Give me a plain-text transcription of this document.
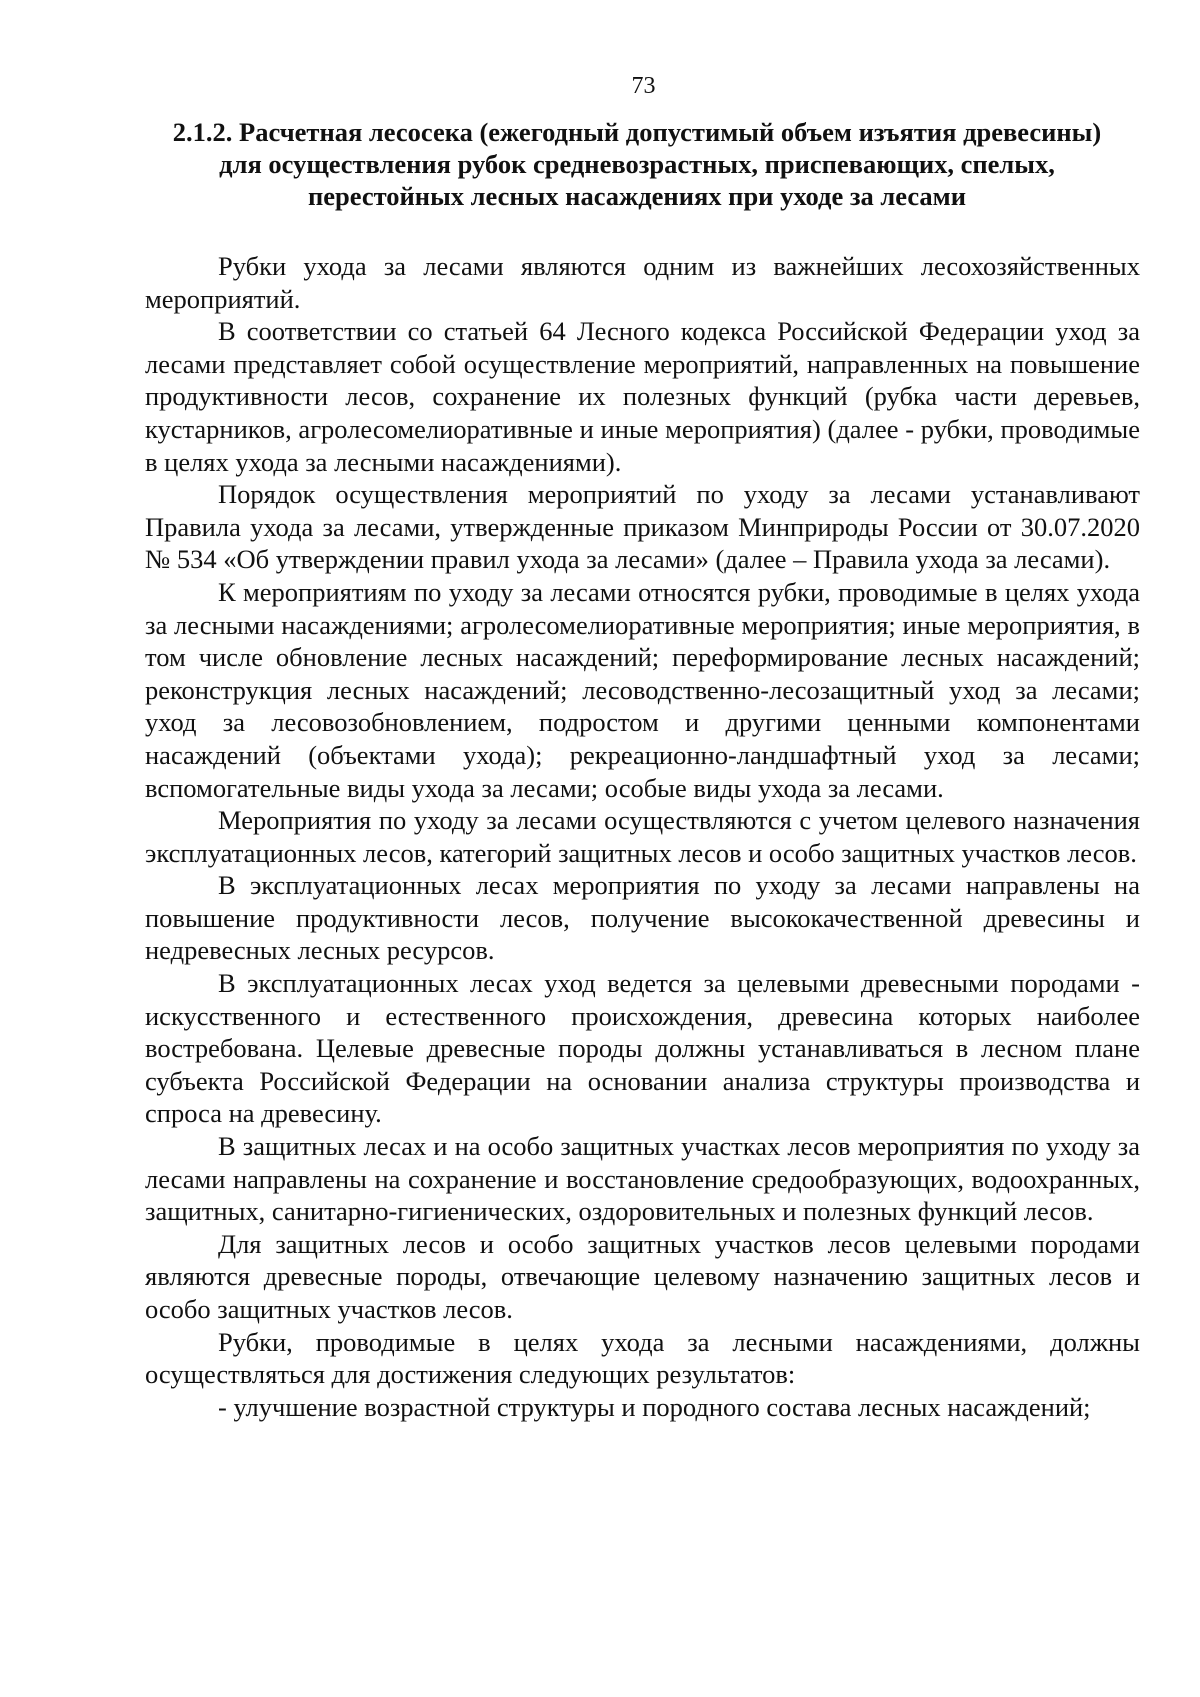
73
2.1.2. Расчетная лесосека (ежегодный допустимый объем изъятия древесины) для осуществления рубок средневозрастных, приспевающих, спелых, перестойных лесных насаждениях при уходе за лесами

Рубки ухода за лесами являются одним из важнейших лесохозяйственных мероприятий.

В соответствии со статьей 64 Лесного кодекса Российской Федерации уход за лесами представляет собой осуществление мероприятий, направленных на повышение продуктивности лесов, сохранение их полезных функций (рубка части деревьев, кустарников, агролесомелиоративные и иные мероприятия) (далее - рубки, проводимые в целях ухода за лесными насаждениями).

Порядок осуществления мероприятий по уходу за лесами устанавливают Правила ухода за лесами, утвержденные приказом Минприроды России от 30.07.2020 № 534 «Об утверждении правил ухода за лесами» (далее – Правила ухода за лесами).

К мероприятиям по уходу за лесами относятся рубки, проводимые в целях ухода за лесными насаждениями; агролесомелиоративные мероприятия; иные мероприятия, в том числе обновление лесных насаждений; переформирование лесных насаждений; реконструкция лесных насаждений; лесоводственно-лесозащитный уход за лесами; уход за лесовозобновлением, подростом и другими ценными компонентами насаждений (объектами ухода); рекреационно-ландшафтный уход за лесами; вспомогательные виды ухода за лесами; особые виды ухода за лесами.

Мероприятия по уходу за лесами осуществляются с учетом целевого назначения эксплуатационных лесов, категорий защитных лесов и особо защитных участков лесов.

В эксплуатационных лесах мероприятия по уходу за лесами направлены на повышение продуктивности лесов, получение высококачественной древесины и недревесных лесных ресурсов.

В эксплуатационных лесах уход ведется за целевыми древесными породами - искусственного и естественного происхождения, древесина которых наиболее востребована. Целевые древесные породы должны устанавливаться в лесном плане субъекта Российской Федерации на основании анализа структуры производства и спроса на древесину.

В защитных лесах и на особо защитных участках лесов мероприятия по уходу за лесами направлены на сохранение и восстановление средообразующих, водоохранных, защитных, санитарно-гигиенических, оздоровительных и полезных функций лесов.

Для защитных лесов и особо защитных участков лесов целевыми породами являются древесные породы, отвечающие целевому назначению защитных лесов и особо защитных участков лесов.

Рубки, проводимые в целях ухода за лесными насаждениями, должны осуществляться для достижения следующих результатов:

- улучшение возрастной структуры и породного состава лесных насаждений;
